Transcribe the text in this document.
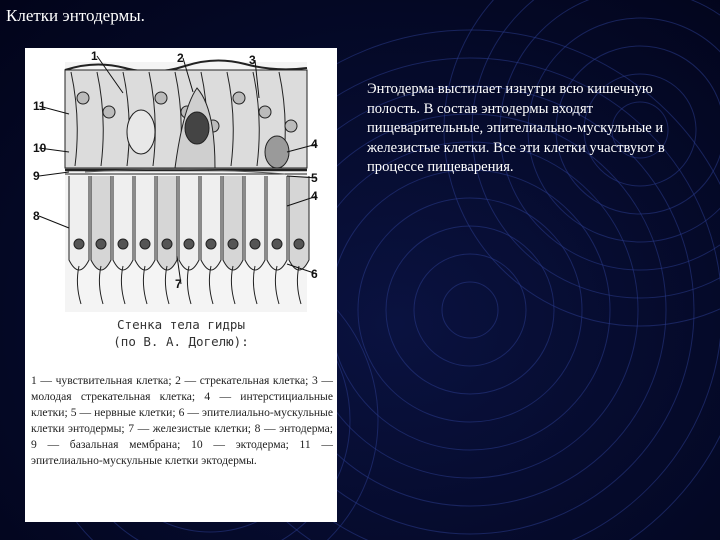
Клетки энтодермы.
1	2	3
11
10	4
9	5
4
8
7
6
Стенка тела гидры
(по В. А. Догелю):
1 — чувствительная клетка; 2 — стрекательная клетка; 3 — молодая стрекательная клетка; 4 — интерстициальные клетки; 5 — нервные клетки; 6 — эпителиально-мускульные клетки энтодермы; 7 — железистые клетки; 8 — энтодерма; 9 — базальная мембрана; 10 — эктодерма; 11 — эпителиально-мускульные клетки эктодермы.

Энтодерма выстилает изнутри всю кишечную полость. В состав энтодермы входят пищеварительные, эпителиально-мускульные и железистые клетки. Все эти клетки участвуют в процессе пищеварения.
